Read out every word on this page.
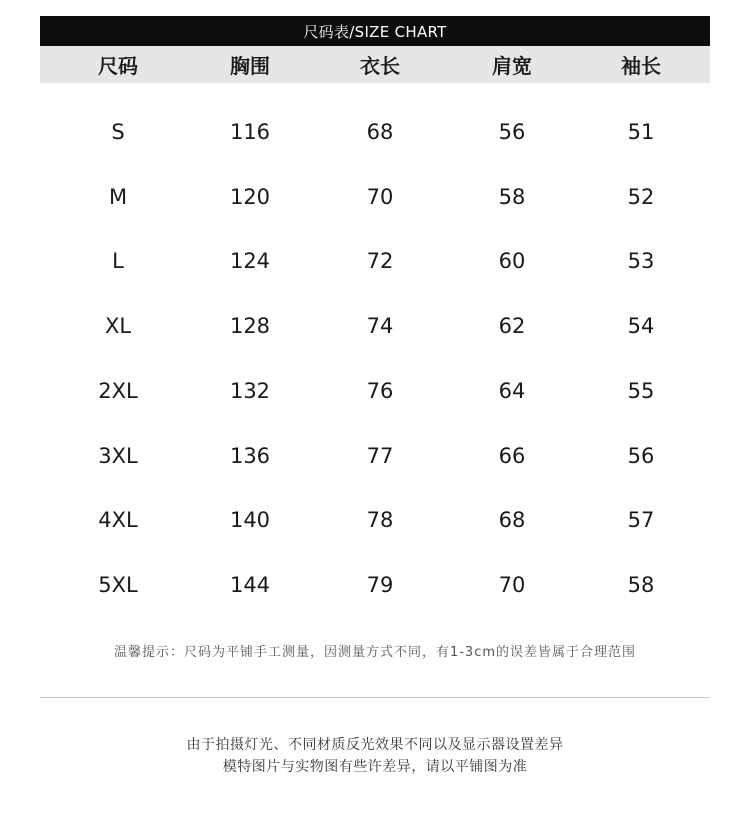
尺码表/SIZE CHART
尺码	胸围	衣长	肩宽	袖长
S	116	68	56	51
M	120	70	58	52
L	124	72	60	53
XL	128	74	62	54
2XL	132	76	64	55
3XL	136	77	66	56
4XL	140	78	68	57
5XL	144	79	70	58
温馨提示：尺码为平铺手工测量，因测量方式不同，有1-3cm的误差皆属于合理范围
由于拍摄灯光、不同材质反光效果不同以及显示器设置差异
模特图片与实物图有些许差异，请以平铺图为准
